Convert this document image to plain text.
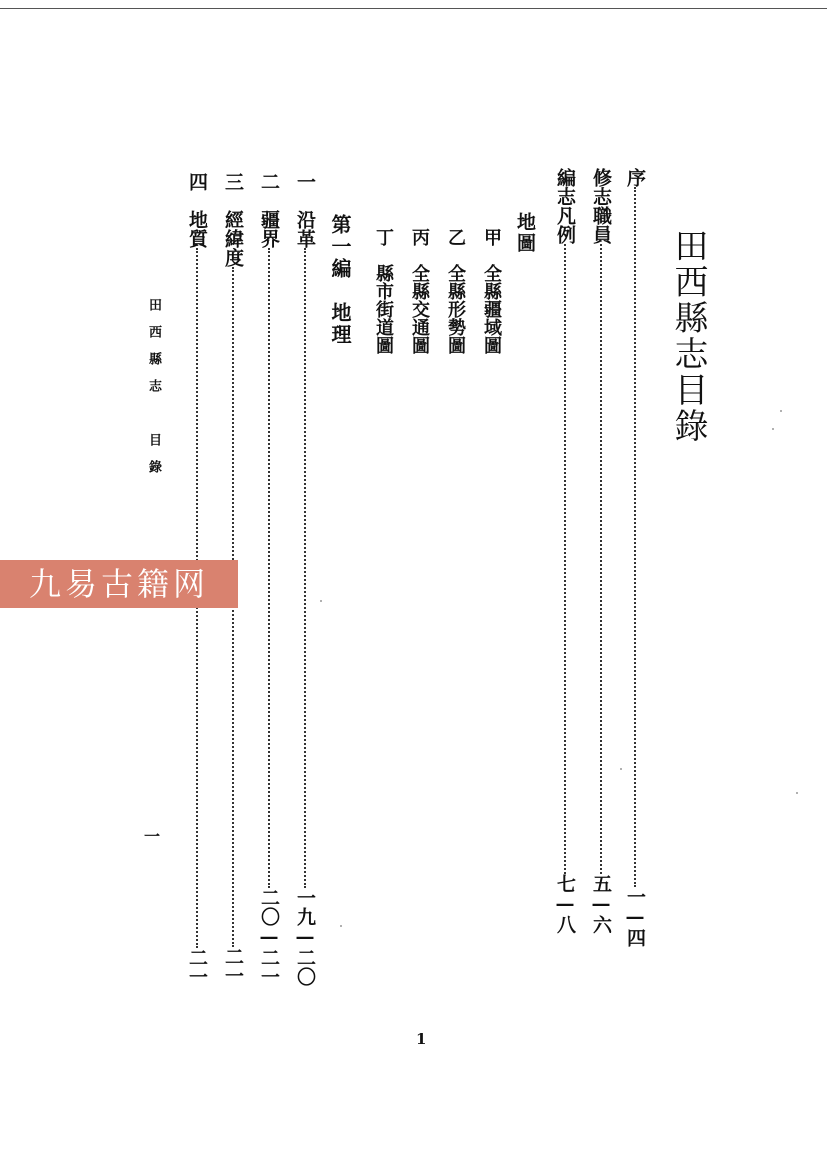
田西縣志目錄
序一—四
修志職員五—六
編志凡例七—八
地圖
甲　全縣疆域圖
乙　全縣形勢圖
丙　全縣交通圖
丁　縣市街道圖
第一編　地理
一　沿革一九—二〇
二　疆界二〇—二一
三　經緯度二一
四　地質二一
田西縣志　目錄
一
1
九易古籍网
